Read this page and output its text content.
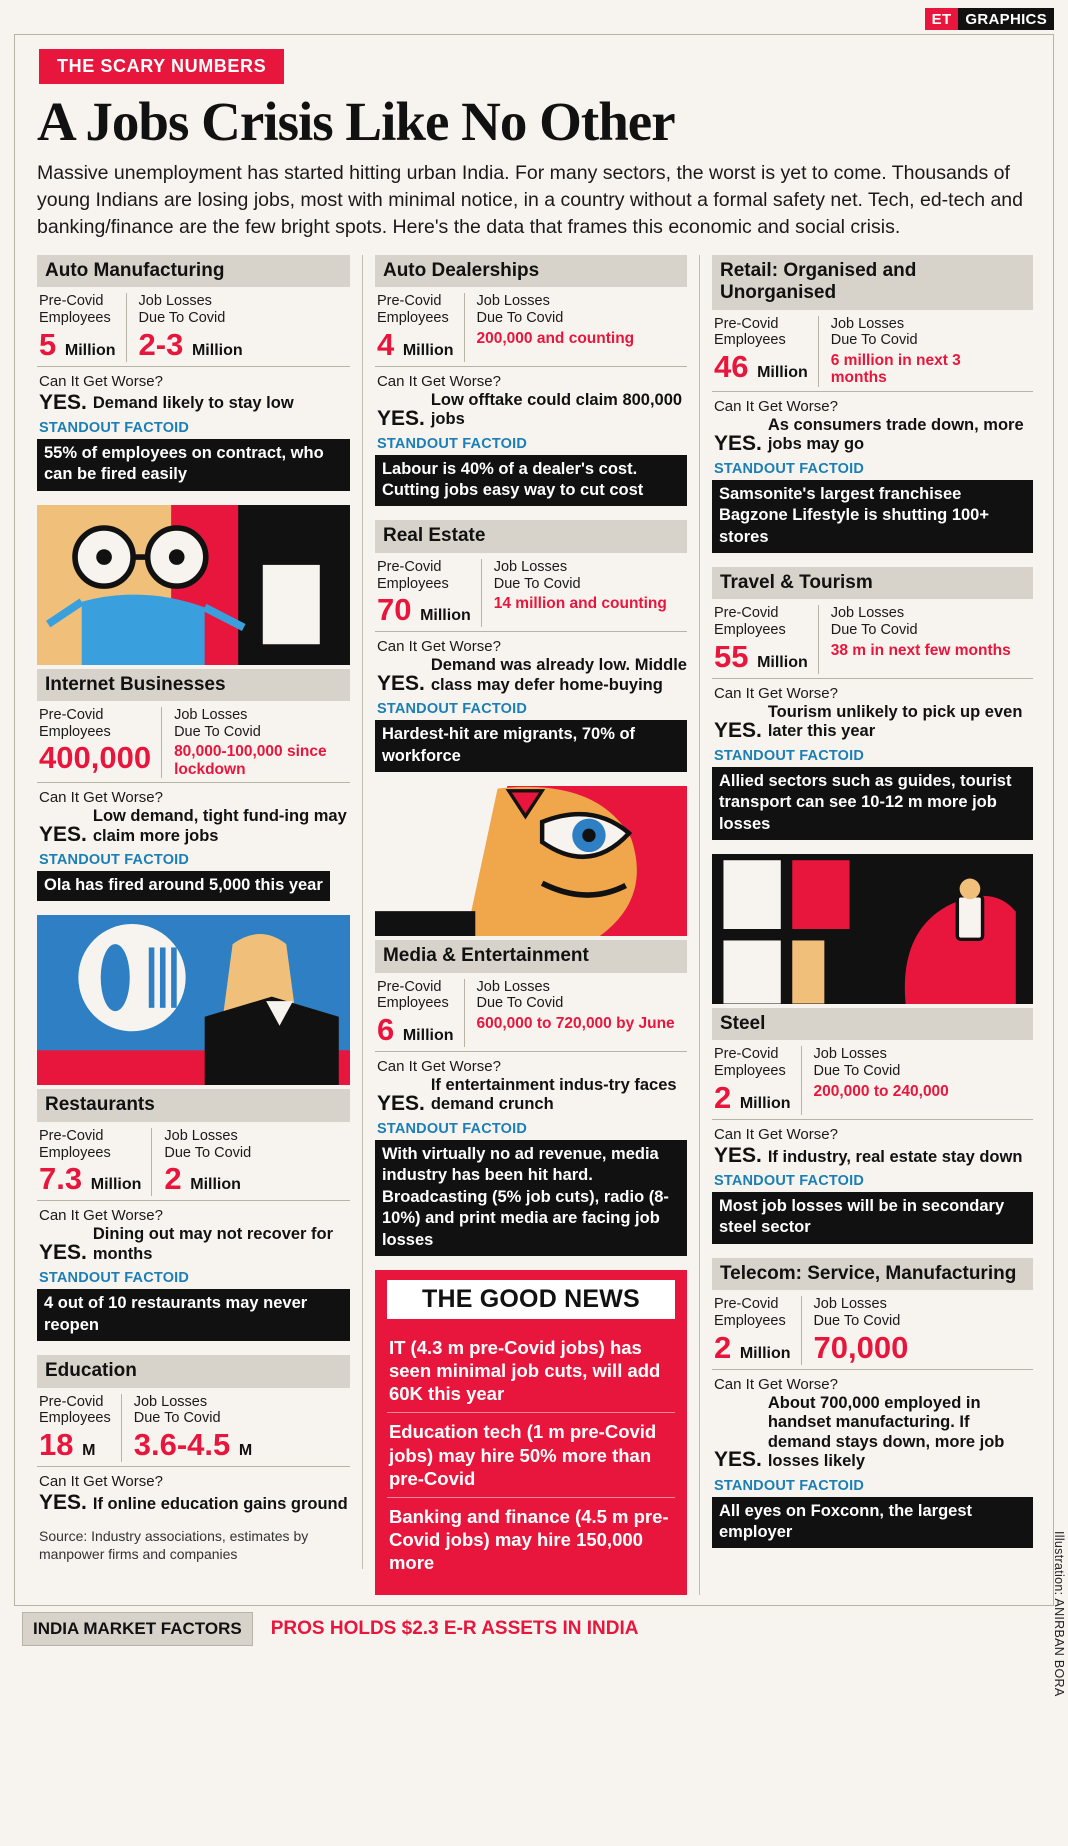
ET GRAPHICS
THE SCARY NUMBERS
A Jobs Crisis Like No Other

Massive unemployment has started hitting urban India. For many sectors, the worst is yet to come. Thousands of young Indians are losing jobs, most with minimal notice, in a country without a formal safety net. Tech, ed-tech and banking/finance are the few bright spots. Here's the data that frames this economic and social crisis.

Auto Manufacturing
Pre-Covid
Employees
5 Million
Job Losses
Due To Covid
2-3 Million
Can It Get Worse?
YES. Demand likely to stay low
STANDOUT FACTOID
55% of employees on contract, who can be fired easily
Internet Businesses
Pre-Covid
Employees
400,000
Job Losses
Due To Covid
80,000-100,000 since lockdown
Can It Get Worse?
YES.
Low demand, tight fund-ing may claim more jobs
STANDOUT FACTOID
Ola has fired around 5,000 this year
Restaurants
Pre-Covid
Employees
7.3 Million
Job Losses
Due To Covid
2 Million
Can It Get Worse?
YES.
Dining out may not recover for months
STANDOUT FACTOID
4 out of 10 restaurants may never reopen
Education
Pre-Covid
Employees
18 M
Job Losses
Due To Covid
3.6-4.5 M
Can It Get Worse?
YES. If online education gains ground
Source: Industry associations, estimates by manpower firms and companies
Auto Dealerships
Pre-Covid
Employees
4 Million
Job Losses
Due To Covid
200,000 and counting
Can It Get Worse?
YES.
Low offtake could claim 800,000 jobs
STANDOUT FACTOID
Labour is 40% of a dealer's cost. Cutting jobs easy way to cut cost
Real Estate
Pre-Covid
Employees
70 Million
Job Losses
Due To Covid
14 million and counting
Can It Get Worse?
YES.
Demand was already low. Middle class may defer home-buying
STANDOUT FACTOID
Hardest-hit are migrants, 70% of workforce
Media & Entertainment
Pre-Covid
Employees
6 Million
Job Losses
Due To Covid
600,000 to 720,000 by June
Can It Get Worse?
YES.
If entertainment indus-try faces demand crunch
STANDOUT FACTOID
With virtually no ad revenue, media industry has been hit hard. Broadcasting (5% job cuts), radio (8-10%) and print media are facing job losses
THE GOOD NEWS
IT (4.3 m pre-Covid jobs) has seen minimal job cuts, will add 60K this year
Education tech (1 m pre-Covid jobs) may hire 50% more than pre-Covid
Banking and finance (4.5 m pre-Covid jobs) may hire 150,000 more
Retail: Organised and Unorganised
Pre-Covid
Employees
46 Million
Job Losses
Due To Covid
6 million in next 3 months
Can It Get Worse?
YES.
As consumers trade down, more jobs may go
STANDOUT FACTOID
Samsonite's largest franchisee Bagzone Lifestyle is shutting 100+ stores
Travel & Tourism
Pre-Covid
Employees
55 Million
Job Losses
Due To Covid
38 m in next few months
Can It Get Worse?
YES.
Tourism unlikely to pick up even later this year
STANDOUT FACTOID
Allied sectors such as guides, tourist transport can see 10-12 m more job losses
Steel
Pre-Covid
Employees
2 Million
Job Losses
Due To Covid
200,000 to 240,000
Can It Get Worse?
YES. If industry, real estate stay down
STANDOUT FACTOID
Most job losses will be in secondary steel sector
Telecom: Service, Manufacturing
Pre-Covid
Employees
2 Million
Job Losses
Due To Covid
70,000
Can It Get Worse?
YES.
About 700,000 employed in handset manufacturing. If demand stays down, more job losses likely
STANDOUT FACTOID
All eyes on Foxconn, the largest employer	Illustration: ANIRBAN BORA
INDIA MARKET FACTORS	PROS HOLDS $2.3 E-R ASSETS IN INDIA
